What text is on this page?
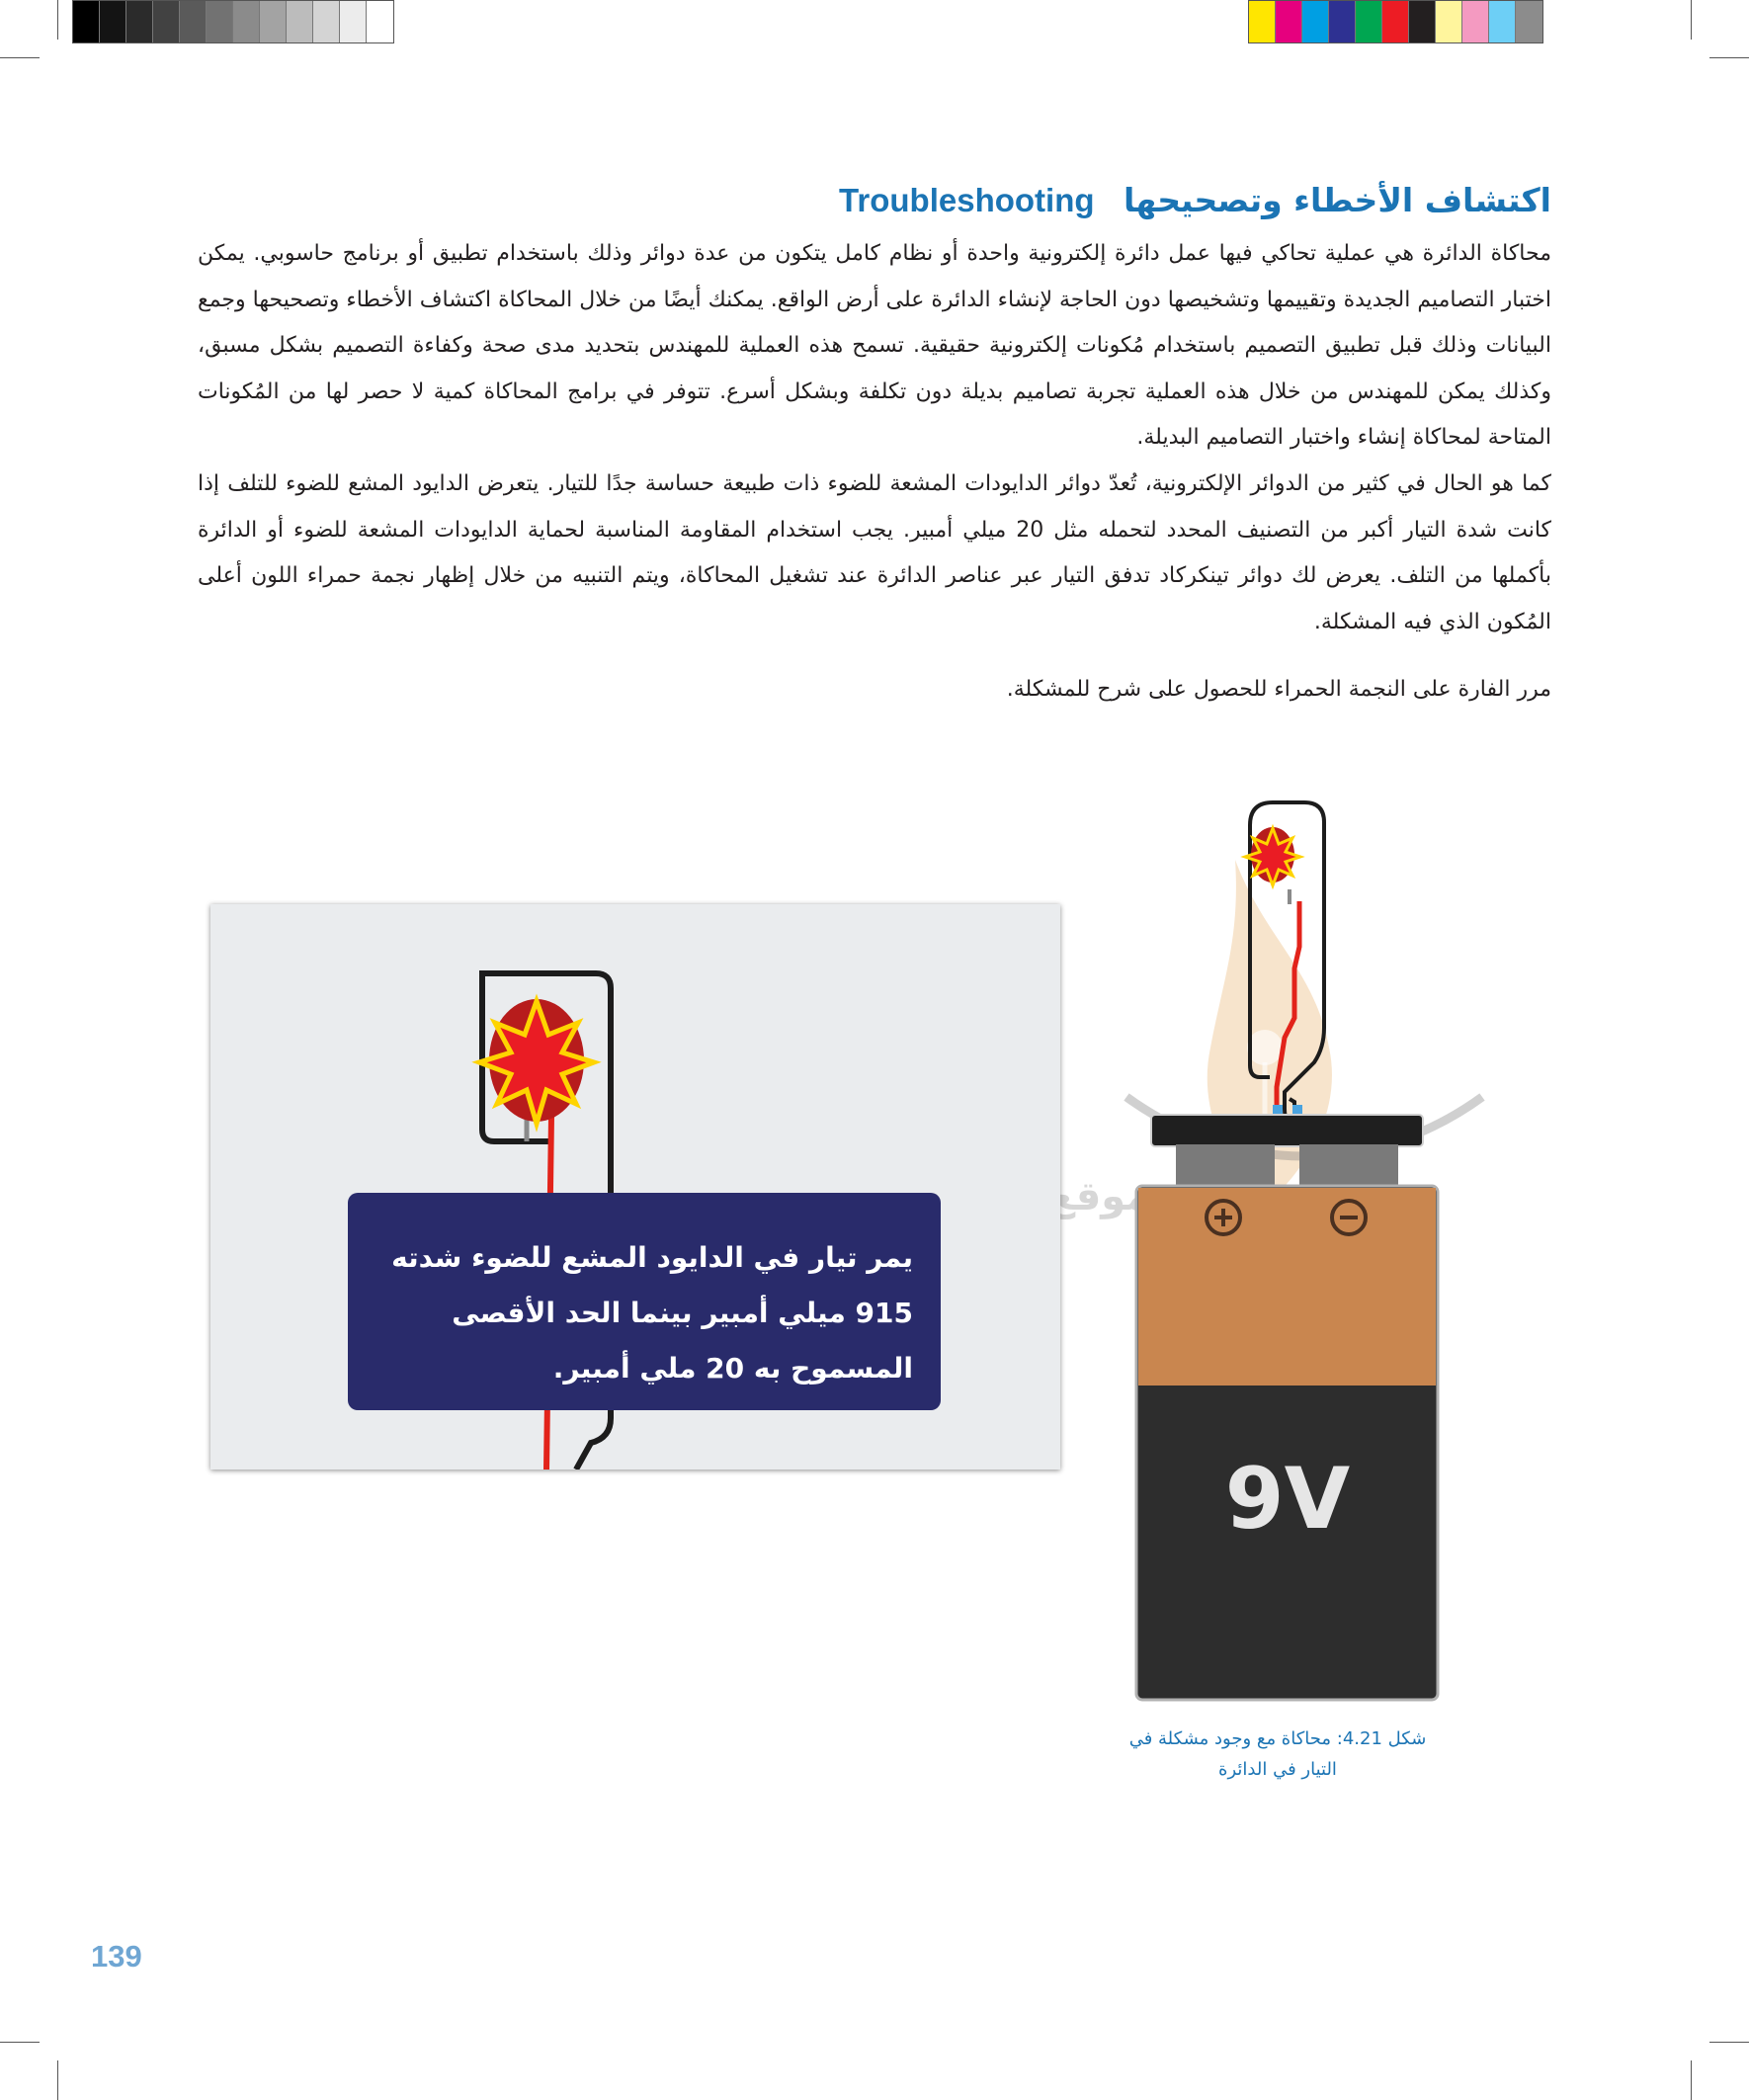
اكتشاف الأخطاء وتصحيحها Troubleshooting

محاكاة الدائرة هي عملية تحاكي فيها عمل دائرة إلكترونية واحدة أو نظام كامل يتكون من عدة دوائر وذلك باستخدام تطبيق أو برنامج حاسوبي. يمكن اختبار التصاميم الجديدة وتقييمها وتشخيصها دون الحاجة لإنشاء الدائرة على أرض الواقع. يمكنك أيضًا من خلال المحاكاة اكتشاف الأخطاء وتصحيحها وجمع البيانات وذلك قبل تطبيق التصميم باستخدام مُكونات إلكترونية حقيقية. تسمح هذه العملية للمهندس بتحديد مدى صحة وكفاءة التصميم بشكل مسبق، وكذلك يمكن للمهندس من خلال هذه العملية تجربة تصاميم بديلة دون تكلفة وبشكل أسرع. تتوفر في برامج المحاكاة كمية لا حصر لها من المُكونات المتاحة لمحاكاة إنشاء واختبار التصاميم البديلة.

كما هو الحال في كثير من الدوائر الإلكترونية، تُعدّ دوائر الدايودات المشعة للضوء ذات طبيعة حساسة جدًا للتيار. يتعرض الدايود المشع للضوء للتلف إذا كانت شدة التيار أكبر من التصنيف المحدد لتحمله مثل 20 ميلي أمبير. يجب استخدام المقاومة المناسبة لحماية الدايودات المشعة للضوء أو الدائرة بأكملها من التلف. يعرض لك دوائر تينكركاد تدفق التيار عبر عناصر الدائرة عند تشغيل المحاكاة، ويتم التنبيه من خلال إظهار نجمة حمراء اللون أعلى المُكون الذي فيه المشكلة.

مرر الفارة على النجمة الحمراء للحصول على شرح للمشكلة.

موقع
يمر تيار في الدايود المشع للضوء شدته 915 ميلي أمبير بينما الحد الأقصى المسموح به 20 ملي أمبير.
9V
شكل 4.21: محاكاة مع وجود مشكلة في التيار في الدائرة
139
